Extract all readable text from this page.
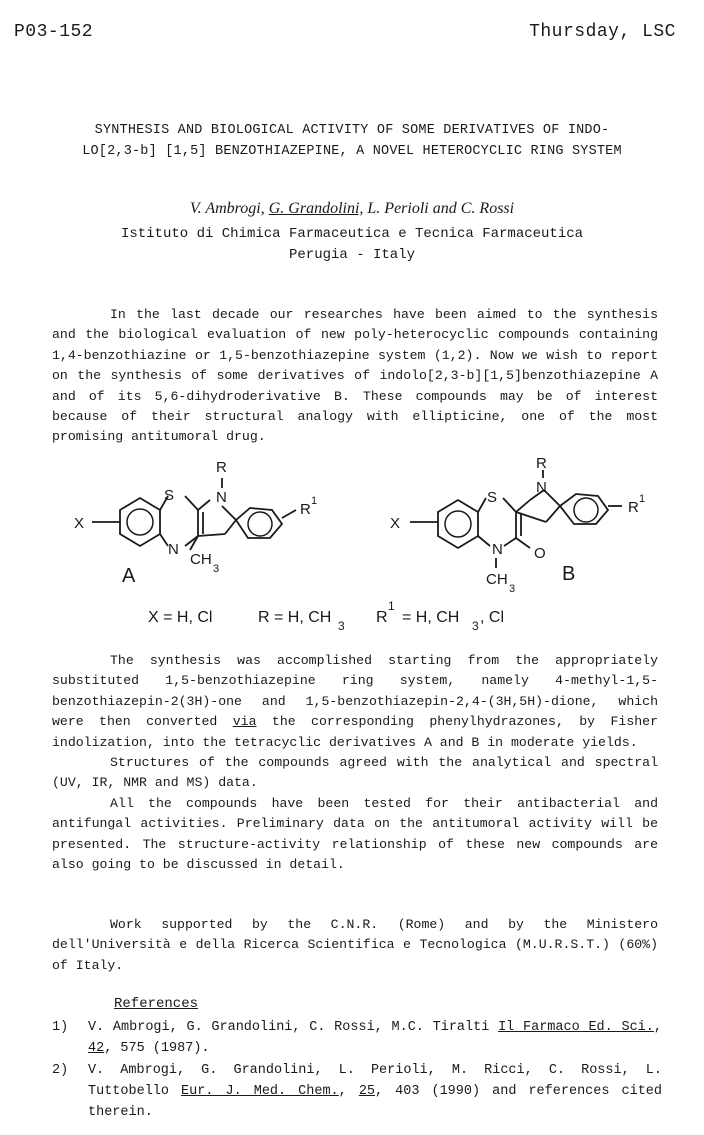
P03-152	Thursday, LSC
SYNTHESIS AND BIOLOGICAL ACTIVITY OF SOME DERIVATIVES OF INDO-
LO[2,3-b] [1,5] BENZOTHIAZEPINE, A NOVEL HETEROCYCLIC RING SYSTEM
V. Ambrogi, G. Grandolini, L. Perioli and C. Rossi
Istituto di Chimica Farmaceutica e Tecnica Farmaceutica
Perugia - Italy

In the last decade our researches have been aimed to the synthesis and the biological evaluation of new poly-heterocyclic compounds containing 1,4-benzothiazine or 1,5-benzothiazepine system (1,2). Now we wish to report on the synthesis of some derivatives of indolo[2,3-b][1,5]benzothiazepine A and of its 5,6-dihydroderivative B. These compounds may be of interest because of their structural analogy with ellipticine, one of the most promising antitumoral drug.

X
S	N
R
N
CH
3
R 1
A
X
S
N
R
N O
CH
3
R 1
B
X = H, Cl	R = H, CH 3 R
1
= H, CH 3 , Cl

The synthesis was accomplished starting from the appropriately substituted 1,5-benzothiazepine ring system, namely 4-methyl-1,5-benzothiazepin-2(3H)-one and 1,5-benzothiazepin-2,4-(3H,5H)-dione, which were then converted via the corresponding phenylhydrazones, by Fisher indolization, into the tetracyclic derivatives A and B in moderate yields.

Structures of the compounds agreed with the analytical and spectral (UV, IR, NMR and MS) data.

All the compounds have been tested for their antibacterial and antifungal activities. Preliminary data on the antitumoral activity will be presented. The structure-activity relationship of these new compounds are also going to be discussed in detail.

Work supported by the C.N.R. (Rome) and by the Ministero dell'Università e della Ricerca Scientifica e Tecnologica (M.U.R.S.T.) (60%) of Italy.

References
1)	V. Ambrogi, G. Grandolini, C. Rossi, M.C. Tiralti Il Farmaco Ed. Sci., 42, 575 (1987).
2)	V. Ambrogi, G. Grandolini, L. Perioli, M. Ricci, C. Rossi, L. Tuttobello Eur. J. Med. Chem., 25, 403 (1990) and references cited therein.
